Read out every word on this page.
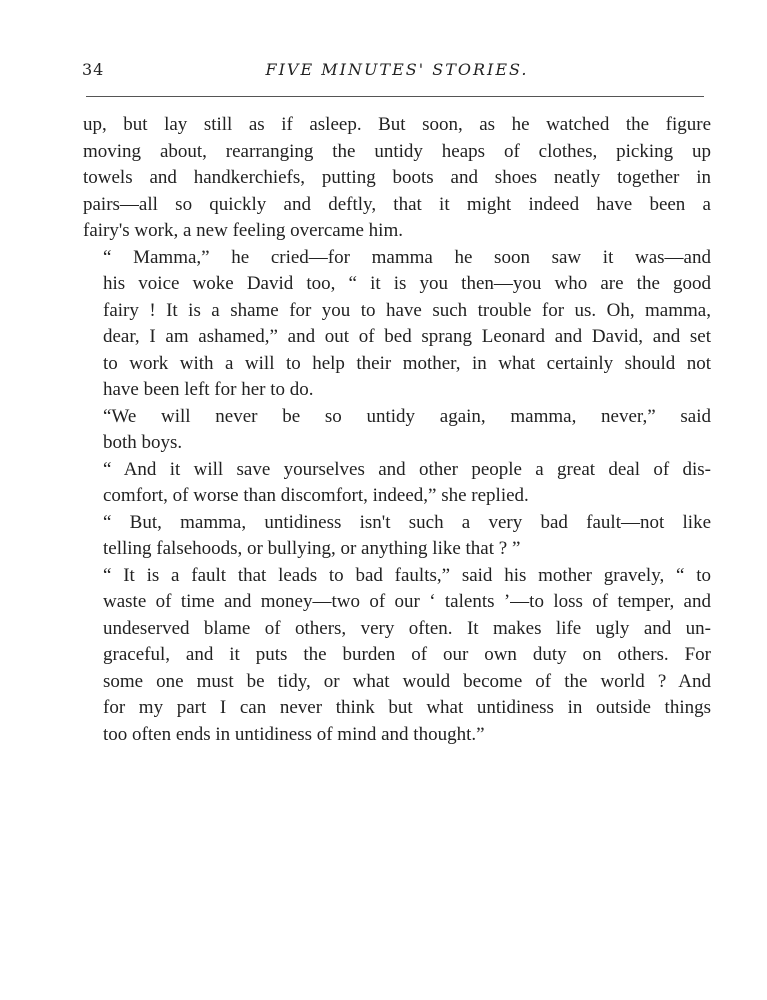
34	FIVE MINUTES' STORIES.

up, but lay still as if asleep. But soon, as he watched the figure
moving about, rearranging the untidy heaps of clothes, picking up
towels and handkerchiefs, putting boots and shoes neatly together in
pairs—all so quickly and deftly, that it might indeed have been a
fairy's work, a new feeling overcame him.

“ Mamma,” he cried—for mamma he soon saw it was—and
his voice woke David too, “ it is you then—you who are the good
fairy ! It is a shame for you to have such trouble for us. Oh, mamma,
dear, I am ashamed,” and out of bed sprang Leonard and David, and set
to work with a will to help their mother, in what certainly should not
have been left for her to do.

“We will never be so untidy again, mamma, never,” said
both boys.

“ And it will save yourselves and other people a great deal of dis-
comfort, of worse than discomfort, indeed,” she replied.

“ But, mamma, untidiness isn't such a very bad fault—not like
telling falsehoods, or bullying, or anything like that ? ”

“ It is a fault that leads to bad faults,” said his mother gravely, “ to
waste of time and money—two of our ‘ talents ’—to loss of temper, and
undeserved blame of others, very often. It makes life ugly and un-
graceful, and it puts the burden of our own duty on others. For
some one must be tidy, or what would become of the world ? And
for my part I can never think but what untidiness in outside things
too often ends in untidiness of mind and thought.”
